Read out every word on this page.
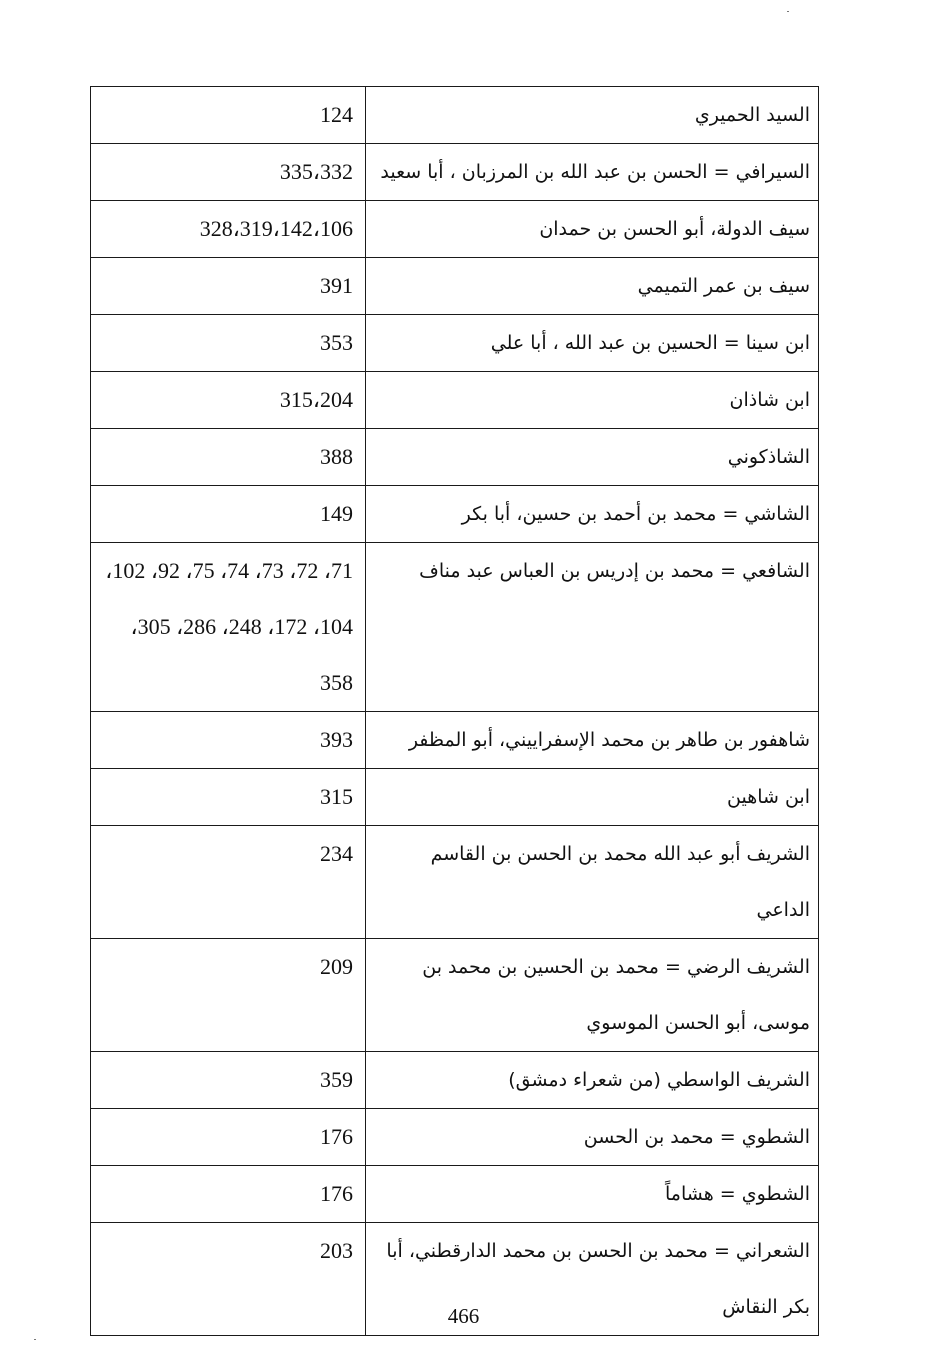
124	السيد الحميري

335،332	السيرافي = الحسن بن عبد الله بن المرزبان ، أبا سعيد

328،319،142،106	سيف الدولة، أبو الحسن بن حمدان

391	سيف بن عمر التميمي

353	ابن سينا = الحسين بن عبد الله ، أبا علي

315،204	ابن شاذان

388	الشاذكوني

149	الشاشي = محمد بن أحمد بن حسين، أبا بكر

71، 72، 73، 74، 75، 92، 102، 104، 172، 248، 286، 305، 358	الشافعي = محمد بن إدريس بن العباس عبد مناف

393	شاهفور بن طاهر بن محمد الإسفراييني، أبو المظفر

315	ابن شاهين

234	الشريف أبو عبد الله محمد بن الحسن بن القاسم الداعي

209	الشريف الرضي = محمد بن الحسين بن محمد بن موسى، أبو الحسن الموسوي

359	الشريف الواسطي (من شعراء دمشق)

176	الشطوي = محمد بن الحسن

176	الشطوي = هشاماً

203	الشعراني = محمد بن الحسن بن محمد الدارقطني، أبا بكر النقاش
466
